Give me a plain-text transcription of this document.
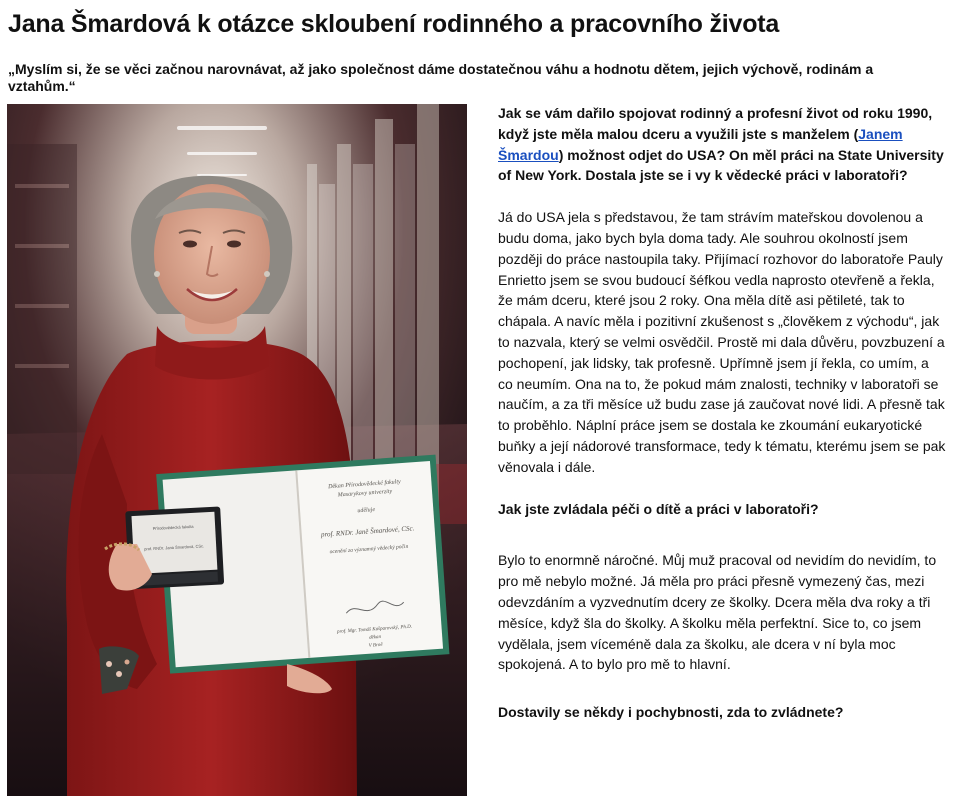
Jana Šmardová k otázce skloubení rodinného a pracovního života

„Myslím si, že se věci začnou narovnávat, až jako společnost dáme dostatečnou váhu a hodnotu dětem, jejich výchově, rodinám a vztahům.“

Děkan Přírodovědecké fakulty
Masarykovy univerzity
uděluje
prof. RNDr. Janě Šmardové, CSc.
ocenění za významný vědecký počin
prof. Mgr. Tomáš Kašparovský, Ph.D.
děkan
V Brně
Přírodovědecká fakulta
prof. RNDr. Jana Šmardová, CSc.

Jak se vám dařilo spojovat rodinný a profesní život od roku 1990, když jste měla malou dceru a využili jste s manželem (Janem Šmardou) možnost odjet do USA? On měl práci na State University of New York. Dostala jste se i vy k vědecké práci v laboratoři?

Já do USA jela s představou, že tam strávím mateřskou dovolenou a budu doma, jako bych byla doma tady. Ale souhrou okolností jsem později do práce nastoupila taky. Přijímací rozhovor do laboratoře Pauly Enrietto jsem se svou budoucí šéfkou vedla naprosto otevřeně a řekla, že mám dceru, které jsou 2 roky. Ona měla dítě asi pětileté, tak to chápala. A navíc měla i pozitivní zkušenost s „člověkem z východu“, jak to nazvala, který se velmi osvědčil. Prostě mi dala důvěru, povzbuzení a pochopení, jak lidsky, tak profesně. Upřímně jsem jí řekla, co umím, a co neumím. Ona na to, že pokud mám znalosti, techniky v laboratoři se naučím, a za tři měsíce už budu zase já zaučovat nové lidi. A přesně tak to proběhlo. Náplní práce jsem se dostala ke zkoumání eukaryotické buňky a její nádorové transformace, tedy k tématu, kterému jsem se pak věnovala i dále.

Jak jste zvládala péči o dítě a práci v laboratoři?

Bylo to enormně náročné. Můj muž pracoval od nevidím do nevidím, to pro mě nebylo možné. Já měla pro práci přesně vymezený čas, mezi odevzdáním a vyzvednutím dcery ze školky. Dcera měla dva roky a tři měsíce, když šla do školky. A školku měla perfektní. Sice to, co jsem vydělala, jsem víceméně dala za školku, ale dcera v ní byla moc spokojená. A to bylo pro mě to hlavní.

Dostavily se někdy i pochybnosti, zda to zvládnete?
